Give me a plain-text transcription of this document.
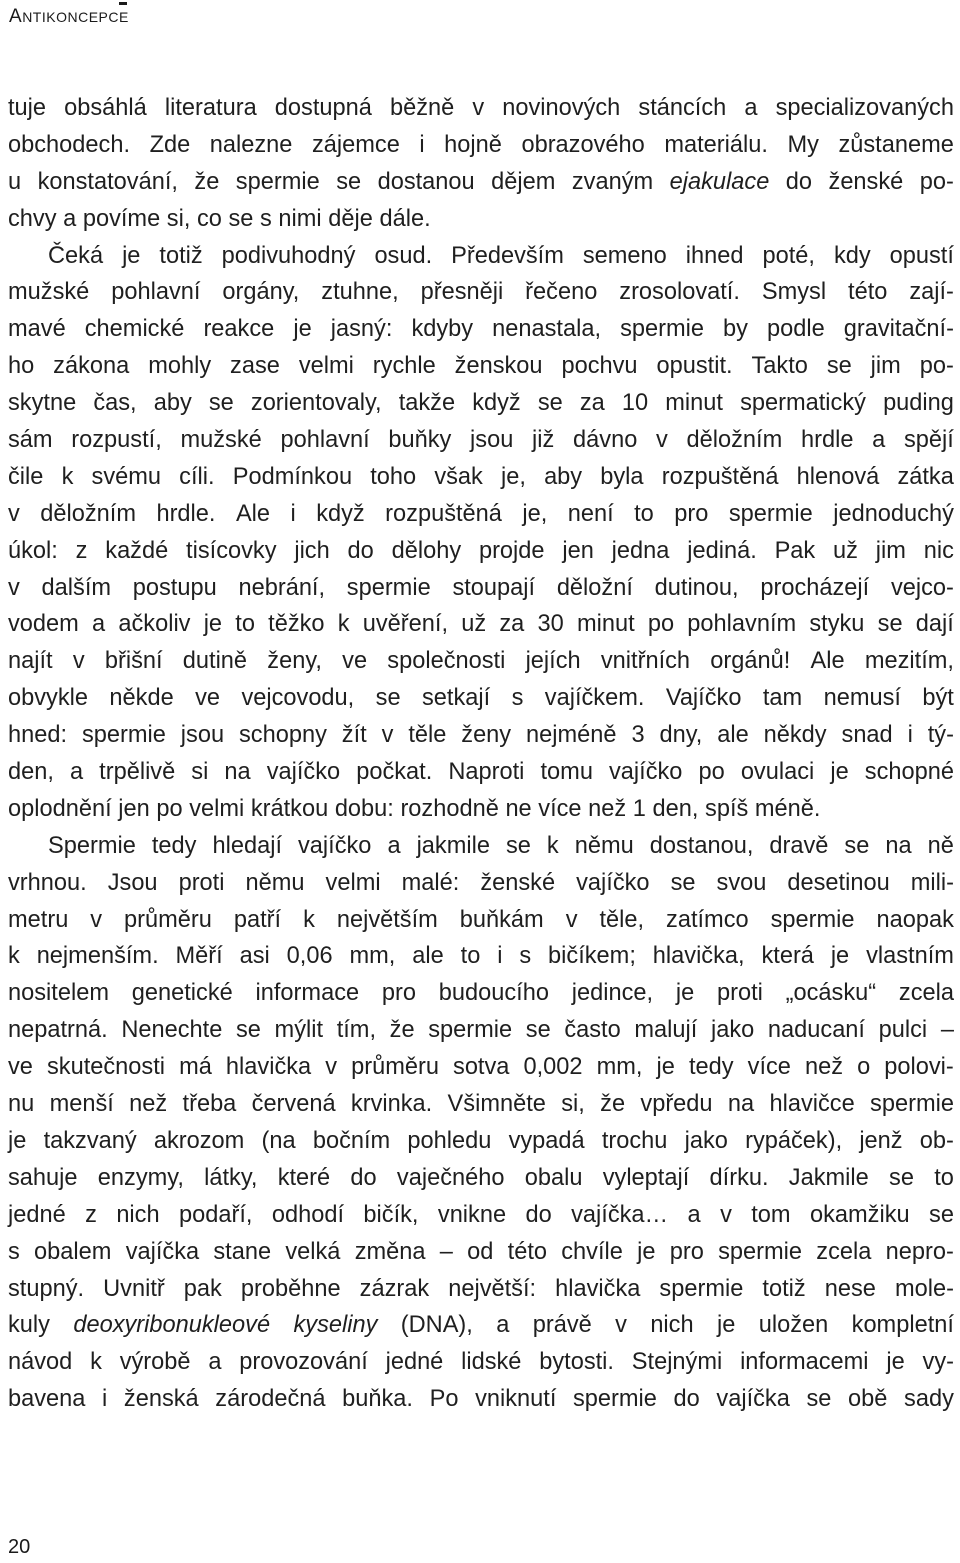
ANTIKONCEPCE
tuje obsáhlá literatura dostupná běžně v novinových stáncích a specializovaných
obchodech. Zde nalezne zájemce i hojně obrazového materiálu. My zůstaneme
u konstatování, že spermie se dostanou dějem zvaným ejakulace do ženské po-
chvy a povíme si, co se s nimi děje dále.
Čeká je totiž podivuhodný osud. Především semeno ihned poté, kdy opustí
mužské pohlavní orgány, ztuhne, přesněji řečeno zrosolovatí. Smysl této zají-
mavé chemické reakce je jasný: kdyby nenastala, spermie by podle gravitační-
ho zákona mohly zase velmi rychle ženskou pochvu opustit. Takto se jim po-
skytne čas, aby se zorientovaly, takže když se za 10 minut spermatický puding
sám rozpustí, mužské pohlavní buňky jsou již dávno v děložním hrdle a spějí
čile k svému cíli. Podmínkou toho však je, aby byla rozpuštěná hlenová zátka
v děložním hrdle. Ale i když rozpuštěná je, není to pro spermie jednoduchý
úkol: z každé tisícovky jich do dělohy projde jen jedna jediná. Pak už jim nic
v dalším postupu nebrání, spermie stoupají děložní dutinou, procházejí vejco-
vodem a ačkoliv je to těžko k uvěření, už za 30 minut po pohlavním styku se dají
najít v břišní dutině ženy, ve společnosti jejích vnitřních orgánů! Ale mezitím,
obvykle někde ve vejcovodu, se setkají s vajíčkem. Vajíčko tam nemusí být
hned: spermie jsou schopny žít v těle ženy nejméně 3 dny, ale někdy snad i tý-
den, a trpělivě si na vajíčko počkat. Naproti tomu vajíčko po ovulaci je schopné
oplodnění jen po velmi krátkou dobu: rozhodně ne více než 1 den, spíš méně.
Spermie tedy hledají vajíčko a jakmile se k němu dostanou, dravě se na ně
vrhnou. Jsou proti němu velmi malé: ženské vajíčko se svou desetinou mili-
metru v průměru patří k největším buňkám v těle, zatímco spermie naopak
k nejmenším. Měří asi 0,06 mm, ale to i s bičíkem; hlavička, která je vlastním
nositelem genetické informace pro budoucího jedince, je proti „ocásku“ zcela
nepatrná. Nenechte se mýlit tím, že spermie se často malují jako naducaní pulci –
ve skutečnosti má hlavička v průměru sotva 0,002 mm, je tedy více než o polovi-
nu menší než třeba červená krvinka. Všimněte si, že vpředu na hlavičce spermie
je takzvaný akrozom (na bočním pohledu vypadá trochu jako rypáček), jenž ob-
sahuje enzymy, látky, které do vaječného obalu vyleptají dírku. Jakmile se to
jedné z nich podaří, odhodí bičík, vnikne do vajíčka… a v tom okamžiku se
s obalem vajíčka stane velká změna – od této chvíle je pro spermie zcela nepro-
stupný. Uvnitř pak proběhne zázrak největší: hlavička spermie totiž nese mole-
kuly deoxyribonukleové kyseliny (DNA), a právě v nich je uložen kompletní
návod k výrobě a provozování jedné lidské bytosti. Stejnými informacemi je vy-
bavena i ženská zárodečná buňka. Po vniknutí spermie do vajíčka se obě sady
20
